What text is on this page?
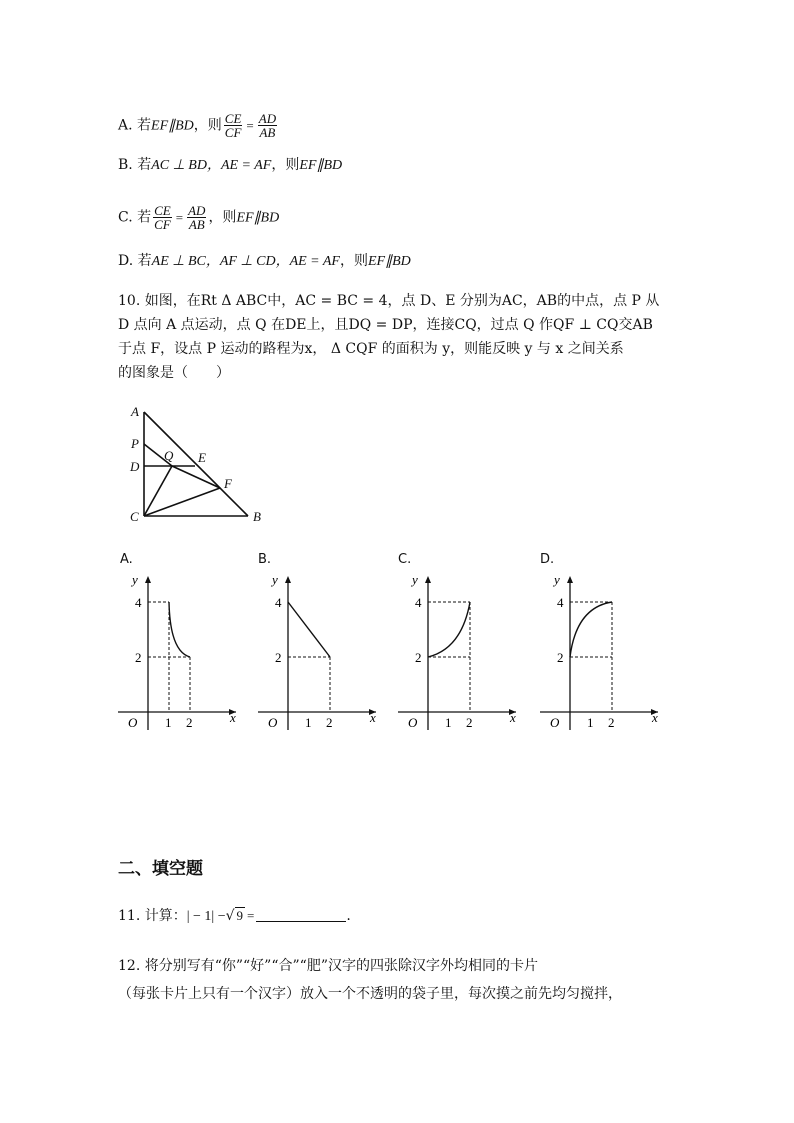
A. 若EF∥BD，则 $\frac{CE}{CF} = \frac{AD}{AB}$
B. 若AC ⊥ BD，AE = AF，则EF∥BD
C. 若 $\frac{CE}{CF} = \frac{AD}{AB}$ ，则EF∥BD
D. 若AE ⊥ BC，AF ⊥ CD，AE = AF，则EF∥BD
10. 如图，在Rt Δ ABC中，AC = BC = 4，点 D、E 分别为AC，AB的中点，点 P 从
D 点向 A 点运动，点 Q 在DE上，且DQ = DP，连接CQ，过点 Q 作QF ⊥ CQ交AB
于点 F，设点 P 运动的路程为x， Δ CQF 的面积为 y，则能反映 y 与 x 之间关系
的图象是（　　）
A
P
D
C
Q E
F
B
A.	B.	C.	D.
y
x
O
4
2
1 2
y
x
O
4
2
1 2
y
x
O
4
2
1 2
y
x
O
4
2
1 2
二、填空题
11. 计算：| − 1| −√ 9 =	.
12. 将分别写有“你”“好”“合”“肥”汉字的四张除汉字外均相同的卡片
（每张卡片上只有一个汉字）放入一个不透明的袋子里，每次摸之前先均匀搅拌，
